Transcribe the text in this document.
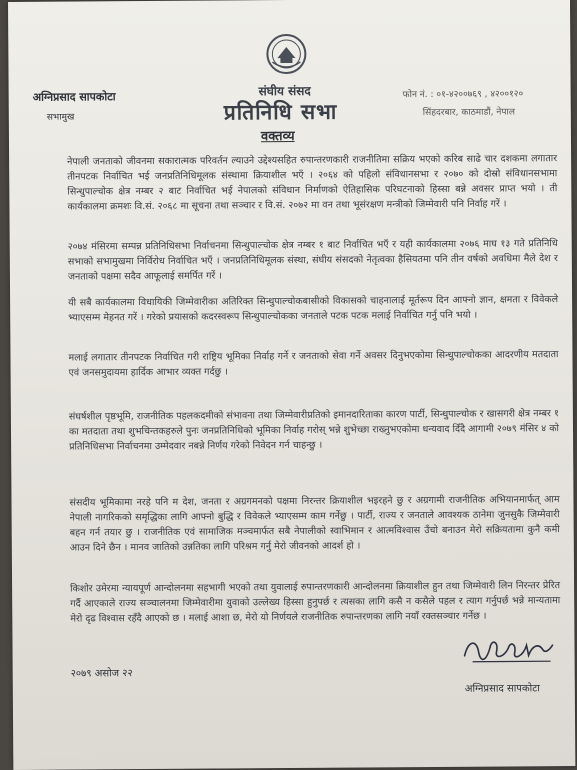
अग्निप्रसाद सापकोटा
सभामुख
संघीय संसद
प्रतिनिधि सभा
फोन नं. : ०१-४२००७६९ , ४२००१२०
सिंहदरबार, काठमाडौं, नेपाल
वक्तव्य
नेपाली जनताको जीवनमा सकारात्मक परिवर्तन ल्याउने उद्देश्यसहित रुपान्तरणकारी राजनीतिमा सक्रिय भएको करिब साढे चार दशकमा लगातार तीनपटक निर्वाचित भई जनप्रतिनिधिमूलक संस्थामा क्रियाशील भएँ । २०६४ को पहिलो संविधानसभा र २०७० को दोस्रो संविधानसभामा सिन्धुपाल्चोक क्षेत्र नम्बर २ बाट निर्वाचित भई नेपालको संविधान निर्माणको ऐतिहासिक परिघटनाको हिस्सा बन्ने अवसर प्राप्त भयो । ती कार्यकालमा क्रमशः वि.सं. २०६८ मा सूचना तथा सञ्चार र वि.सं. २०७२ मा वन तथा भूसंरक्षण मन्त्रीको जिम्मेवारी पनि निर्वाह गरें ।
२०७४ मंसिरमा सम्पन्न प्रतिनिधिसभा निर्वाचनमा सिन्धुपाल्चोक क्षेत्र नम्बर १ बाट निर्वाचित भएँ र यही कार्यकालमा २०७६ माघ १३ गते प्रतिनिधि सभाको सभामुखमा निर्विरोध निर्वाचित भएँ । जनप्रतिनिधिमूलक संस्था, संघीय संसदको नेतृत्वका हैसियतमा पनि तीन वर्षको अवधिमा मैले देश र जनताको पक्षमा सदैव आफूलाई समर्पित गरें ।
यी सबै कार्यकालमा विधायिकी जिम्मेवारीका अतिरिक्त सिन्धुपाल्चोकबासीको विकासको चाहनालाई मूर्तरूप दिन आफ्नो ज्ञान, क्षमता र विवेकले भ्याएसम्म मेहनत गरें । गरेको प्रयासको कदरस्वरूप सिन्धुपाल्चोकका जनताले पटक पटक मलाई निर्वाचित गर्नु पनि भयो ।
मलाई लगातार तीनपटक निर्वाचित गरी राष्ट्रिय भूमिका निर्वाह गर्ने र जनताको सेवा गर्ने अवसर दिनुभएकोमा सिन्धुपाल्चोकका आदरणीय मतदाता एवं जनसमुदायमा हार्दिक आभार व्यक्त गर्दछु ।
संघर्षशील पृष्ठभूमि, राजनीतिक पहलकदमीको संभावना तथा जिम्मेवारीप्रतिको इमानदारिताका कारण पार्टी, सिन्धुपाल्चोक र खासगरी क्षेत्र नम्बर १ का मतदाता तथा शुभचिन्तकहरुले पुनः जनप्रतिनिधिको भूमिका निर्वाह गरोस् भन्ने शुभेच्छा राख्नुभएकोमा धन्यवाद दिँदै आगामी २०७९ मंसिर ४ को प्रतिनिधिसभा निर्वाचनमा उम्मेदवार नबन्ने निर्णय गरेको निवेदन गर्न चाहन्छु ।
संसदीय भूमिकामा नरहे पनि म देश, जनता र अग्रगमनको पक्षमा निरन्तर क्रियाशील भइरहने छु र अग्रगामी राजनीतिक अभियानमार्फत् आम नेपाली नागरिकको समृद्धिका लागि आफ्नो बुद्धि र विवेकले भ्याएसम्म काम गर्नेछु । पार्टी, राज्य र जनताले आवश्यक ठानेमा जुनसुकै जिम्मेवारी बहन गर्न तयार छु । राजनीतिक एवं सामाजिक मञ्चमार्फत सबै नेपालीको स्वाभिमान र आत्मविश्वास उँचो बनाउन मेरो सक्रियतामा कुनै कमी आउन दिने छैन । मानव जातिको उन्नतिका लागि परिश्रम गर्नु मेरो जीवनको आदर्श हो ।
किशोर उमेरमा न्यायपूर्ण आन्दोलनमा सहभागी भएको तथा युवालाई रुपान्तरणकारी आन्दोलनमा क्रियाशील हुन तथा जिम्मेवारी लिन निरन्तर प्रेरित गर्दै आएकाले राज्य सञ्चालनमा जिम्मेवारीमा युवाको उल्लेख्य हिस्सा हुनुपर्छ र त्यसका लागि कसै न कसैले पहल र त्याग गर्नुपर्छ भन्ने मान्यतामा मेरो दृढ विश्वास रहँदै आएको छ । मलाई आशा छ, मेरो यो निर्णयले राजनीतिक रुपान्तरणका लागि नयाँ रक्तसञ्चार गर्नेछ ।
२०७९ असोज २२
अग्निप्रसाद सापकोटा
